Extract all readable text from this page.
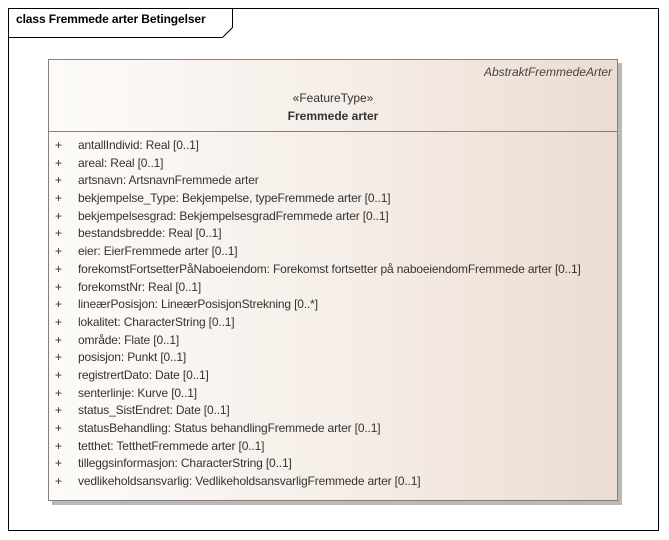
class Fremmede arter Betingelser
AbstraktFremmedeArter
«FeatureType»
Fremmede arter
+ antallIndivid: Real [0..1]
+ areal: Real [0..1]
+ artsnavn: ArtsnavnFremmede arter
+ bekjempelse_Type: Bekjempelse, typeFremmede arter [0..1]
+ bekjempelsesgrad: BekjempelsesgradFremmede arter [0..1]
+ bestandsbredde: Real [0..1]
+ eier: EierFremmede arter [0..1]
+ forekomstFortsetterPåNaboeiendom: Forekomst fortsetter på naboeiendomFremmede arter [0..1]
+ forekomstNr: Real [0..1]
+ lineærPosisjon: LineærPosisjonStrekning [0..*]
+ lokalitet: CharacterString [0..1]
+ område: Flate [0..1]
+ posisjon: Punkt [0..1]
+ registrertDato: Date [0..1]
+ senterlinje: Kurve [0..1]
+ status_SistEndret: Date [0..1]
+ statusBehandling: Status behandlingFremmede arter [0..1]
+ tetthet: TetthetFremmede arter [0..1]
+ tilleggsinformasjon: CharacterString [0..1]
+ vedlikeholdsansvarlig: VedlikeholdsansvarligFremmede arter [0..1]
